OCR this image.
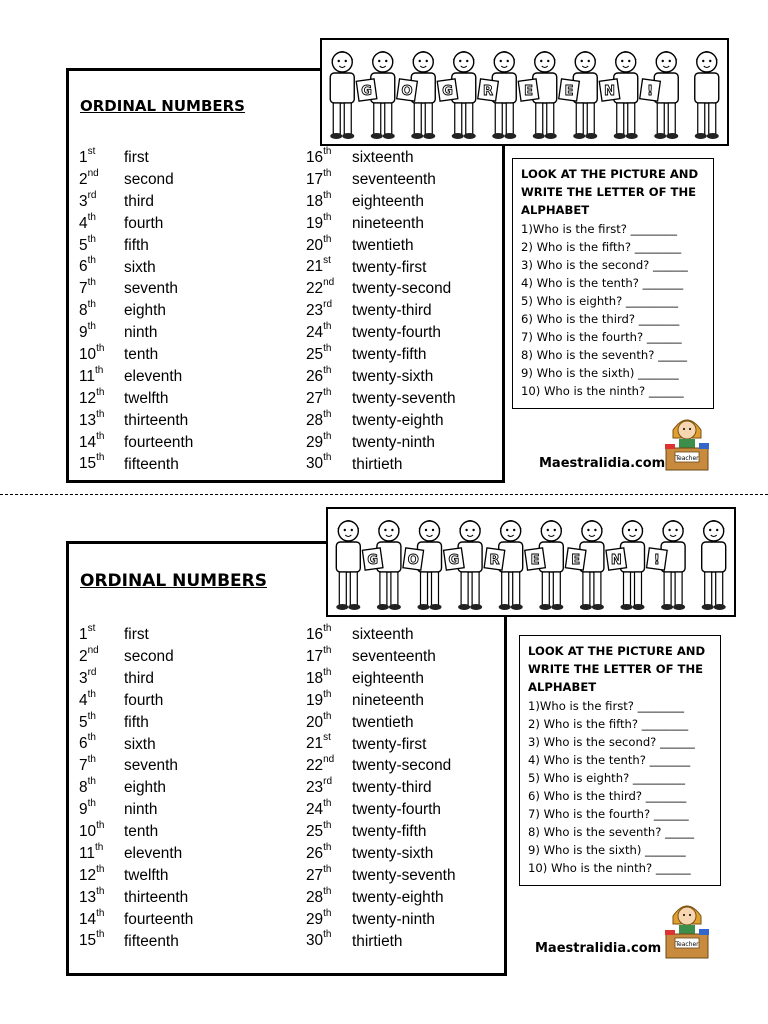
ORDINAL NUMBERS
1st	first
2nd	second
3rd	third
4th	fourth
5th	fifth
6th	sixth
7th	seventh
8th	eighth
9th	ninth
10th	tenth
11th	eleventh
12th	twelfth
13th	thirteenth
14th	fourteenth
15th	fifteenth
16th	sixteenth
17th	seventeenth
18th	eighteenth
19th	nineteenth
20th	twentieth
21st	twenty-first
22nd	twenty-second
23rd	twenty-third
24th	twenty-fourth
25th	twenty-fifth
26th	twenty-sixth
27th	twenty-seventh
28th	twenty-eighth
29th	twenty-ninth
30th	thirtieth
G O G R E E N !
LOOK AT THE PICTURE AND WRITE THE LETTER OF THE ALPHABET
1)Who is the first? ________
2) Who is the fifth? ________
3) Who is the second? ______
4) Who is the tenth? _______
5) Who is eighth? _________
6) Who is the third? _______
7) Who is the fourth? ______
8) Who is the seventh? _____
9) Who is the sixth) _______
10) Who is the ninth? ______
Maestralidia.com Teacher
ORDINAL NUMBERS
1st	first
2nd	second
3rd	third
4th	fourth
5th	fifth
6th	sixth
7th	seventh
8th	eighth
9th	ninth
10th	tenth
11th	eleventh
12th	twelfth
13th	thirteenth
14th	fourteenth
15th	fifteenth
16th	sixteenth
17th	seventeenth
18th	eighteenth
19th	nineteenth
20th	twentieth
21st	twenty-first
22nd	twenty-second
23rd	twenty-third
24th	twenty-fourth
25th	twenty-fifth
26th	twenty-sixth
27th	twenty-seventh
28th	twenty-eighth
29th	twenty-ninth
30th	thirtieth
G O G R E E N !
LOOK AT THE PICTURE AND WRITE THE LETTER OF THE ALPHABET
1)Who is the first? ________
2) Who is the fifth? ________
3) Who is the second? ______
4) Who is the tenth? _______
5) Who is eighth? _________
6) Who is the third? _______
7) Who is the fourth? ______
8) Who is the seventh? _____
9) Who is the sixth) _______
10) Who is the ninth? ______
Maestralidia.com Teacher
